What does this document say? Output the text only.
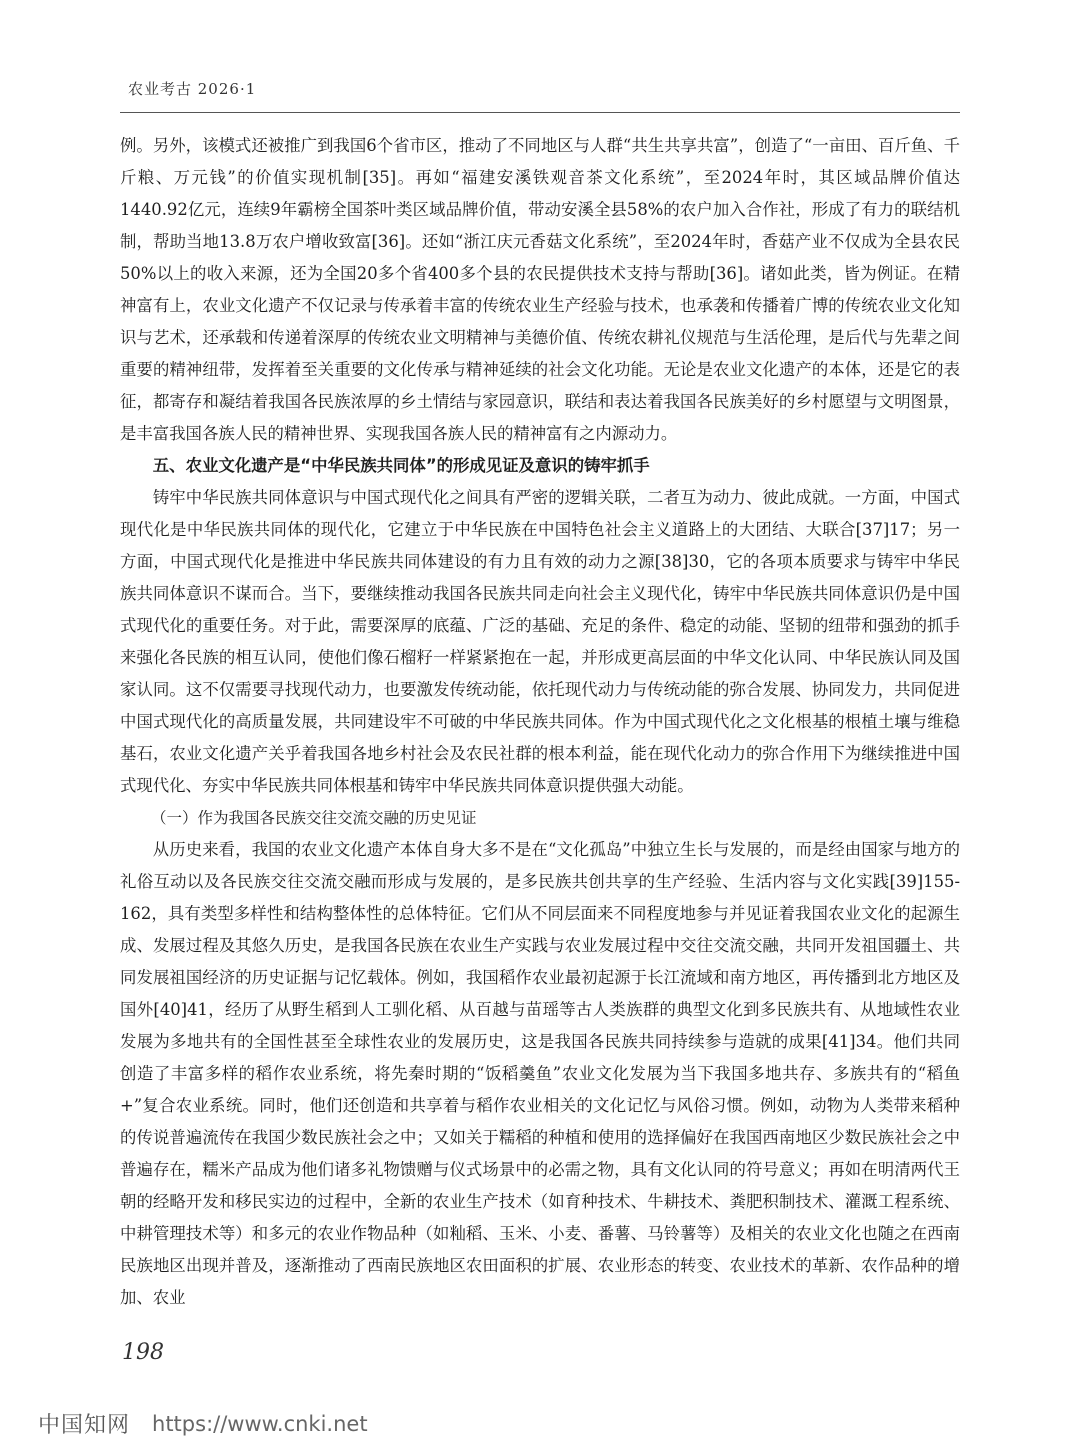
农业考古 2026·1

例。另外，该模式还被推广到我国6个省市区，推动了不同地区与人群“共生共享共富”，创造了“一亩田、百斤鱼、千斤粮、万元钱”的价值实现机制[35]。再如“福建安溪铁观音茶文化系统”，至2024年时，其区域品牌价值达1440.92亿元，连续9年霸榜全国茶叶类区域品牌价值，带动安溪全县58%的农户加入合作社，形成了有力的联结机制，帮助当地13.8万农户增收致富[36]。还如“浙江庆元香菇文化系统”，至2024年时，香菇产业不仅成为全县农民50%以上的收入来源，还为全国20多个省400多个县的农民提供技术支持与帮助[36]。诸如此类，皆为例证。在精神富有上，农业文化遗产不仅记录与传承着丰富的传统农业生产经验与技术，也承袭和传播着广博的传统农业文化知识与艺术，还承载和传递着深厚的传统农业文明精神与美德价值、传统农耕礼仪规范与生活伦理，是后代与先辈之间重要的精神纽带，发挥着至关重要的文化传承与精神延续的社会文化功能。无论是农业文化遗产的本体，还是它的表征，都寄存和凝结着我国各民族浓厚的乡土情结与家园意识，联结和表达着我国各民族美好的乡村愿望与文明图景，是丰富我国各族人民的精神世界、实现我国各族人民的精神富有之内源动力。

五、农业文化遗产是“中华民族共同体”的形成见证及意识的铸牢抓手

铸牢中华民族共同体意识与中国式现代化之间具有严密的逻辑关联，二者互为动力、彼此成就。一方面，中国式现代化是中华民族共同体的现代化，它建立于中华民族在中国特色社会主义道路上的大团结、大联合[37]17；另一方面，中国式现代化是推进中华民族共同体建设的有力且有效的动力之源[38]30，它的各项本质要求与铸牢中华民族共同体意识不谋而合。当下，要继续推动我国各民族共同走向社会主义现代化，铸牢中华民族共同体意识仍是中国式现代化的重要任务。对于此，需要深厚的底蕴、广泛的基础、充足的条件、稳定的动能、坚韧的纽带和强劲的抓手来强化各民族的相互认同，使他们像石榴籽一样紧紧抱在一起，并形成更高层面的中华文化认同、中华民族认同及国家认同。这不仅需要寻找现代动力，也要激发传统动能，依托现代动力与传统动能的弥合发展、协同发力，共同促进中国式现代化的高质量发展，共同建设牢不可破的中华民族共同体。作为中国式现代化之文化根基的根植土壤与维稳基石，农业文化遗产关乎着我国各地乡村社会及农民社群的根本利益，能在现代化动力的弥合作用下为继续推进中国式现代化、夯实中华民族共同体根基和铸牢中华民族共同体意识提供强大动能。

（一）作为我国各民族交往交流交融的历史见证

从历史来看，我国的农业文化遗产本体自身大多不是在“文化孤岛”中独立生长与发展的，而是经由国家与地方的礼俗互动以及各民族交往交流交融而形成与发展的，是多民族共创共享的生产经验、生活内容与文化实践[39]155-162，具有类型多样性和结构整体性的总体特征。它们从不同层面来不同程度地参与并见证着我国农业文化的起源生成、发展过程及其悠久历史，是我国各民族在农业生产实践与农业发展过程中交往交流交融，共同开发祖国疆土、共同发展祖国经济的历史证据与记忆载体。例如，我国稻作农业最初起源于长江流域和南方地区，再传播到北方地区及国外[40]41，经历了从野生稻到人工驯化稻、从百越与苗瑶等古人类族群的典型文化到多民族共有、从地域性农业发展为多地共有的全国性甚至全球性农业的发展历史，这是我国各民族共同持续参与造就的成果[41]34。他们共同创造了丰富多样的稻作农业系统，将先秦时期的“饭稻羹鱼”农业文化发展为当下我国多地共存、多族共有的“稻鱼+”复合农业系统。同时，他们还创造和共享着与稻作农业相关的文化记忆与风俗习惯。例如，动物为人类带来稻种的传说普遍流传在我国少数民族社会之中；又如关于糯稻的种植和使用的选择偏好在我国西南地区少数民族社会之中普遍存在，糯米产品成为他们诸多礼物馈赠与仪式场景中的必需之物，具有文化认同的符号意义；再如在明清两代王朝的经略开发和移民实边的过程中，全新的农业生产技术（如育种技术、牛耕技术、粪肥积制技术、灌溉工程系统、中耕管理技术等）和多元的农业作物品种（如籼稻、玉米、小麦、番薯、马铃薯等）及相关的农业文化也随之在西南民族地区出现并普及，逐渐推动了西南民族地区农田面积的扩展、农业形态的转变、农业技术的革新、农作品种的增加、农业

198
中国知网 https://www.cnki.net
